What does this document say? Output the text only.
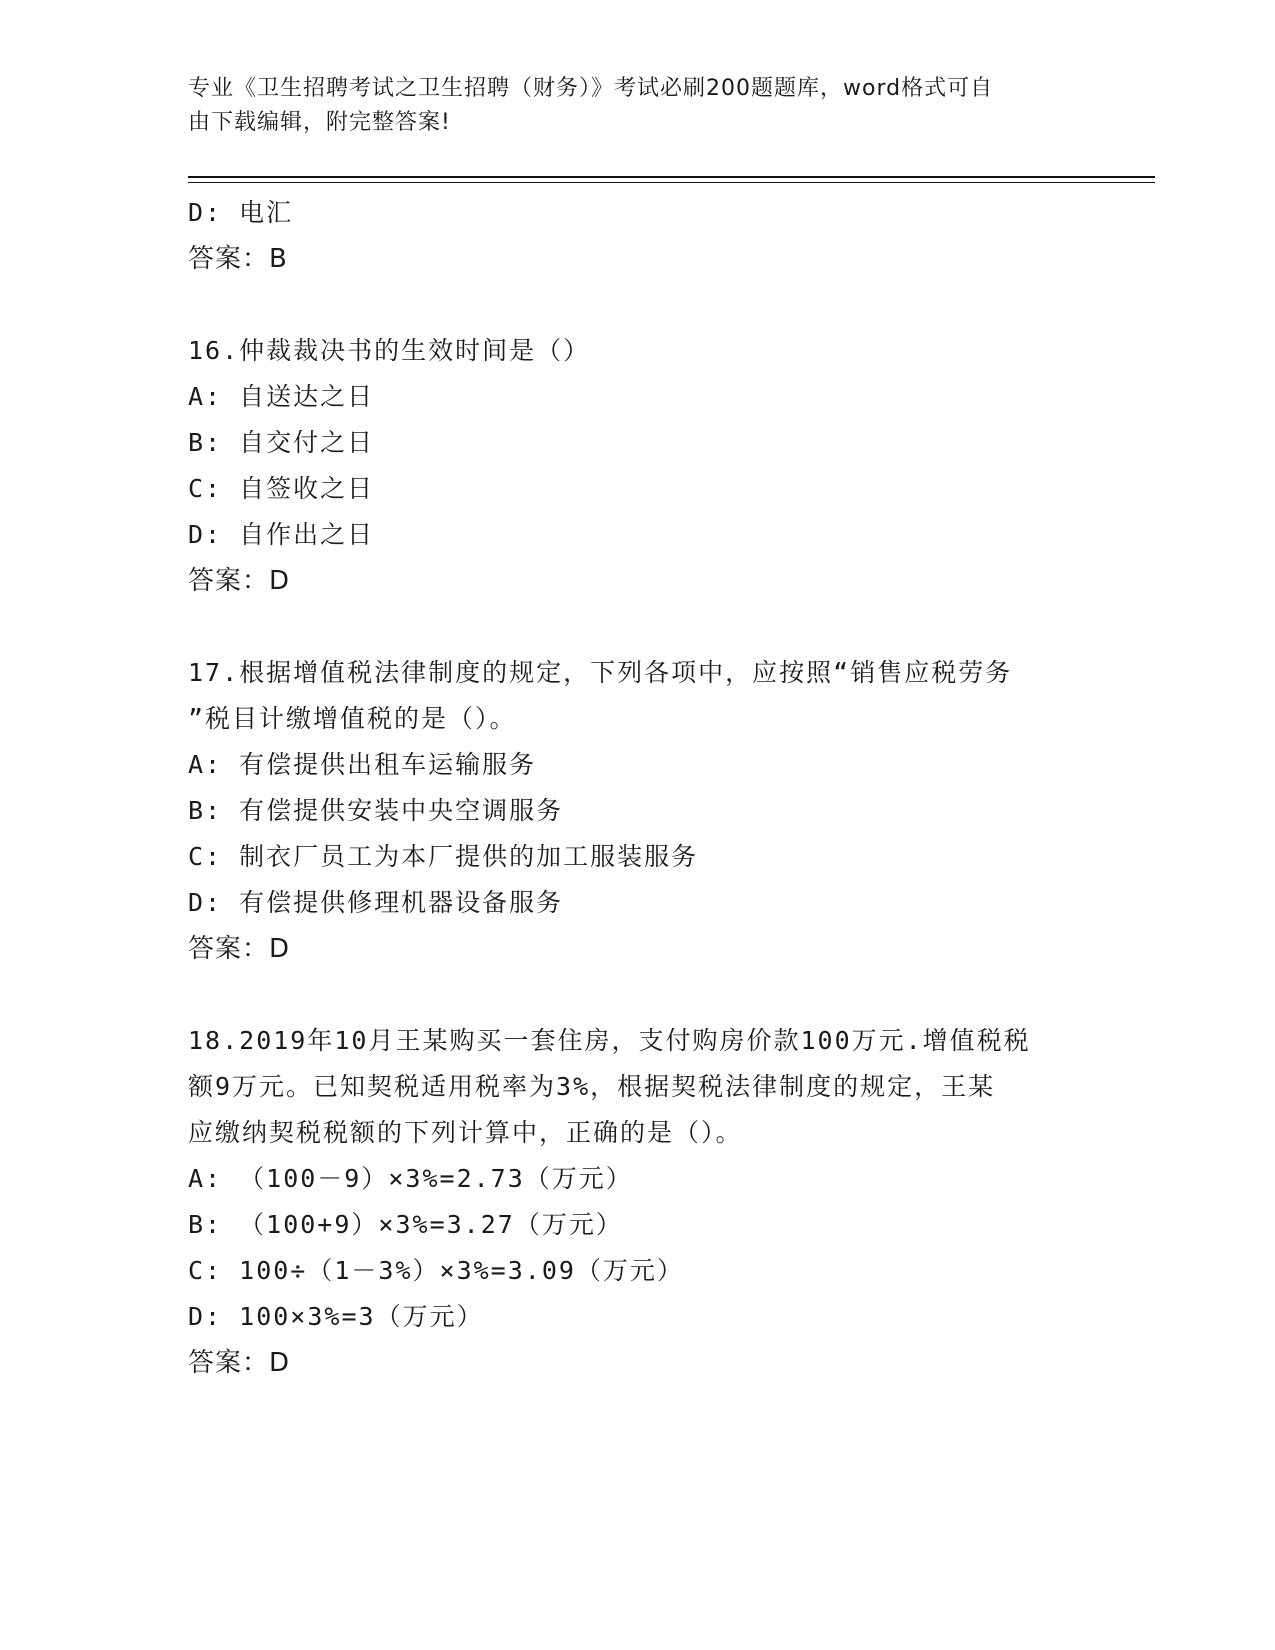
专业《卫生招聘考试之卫生招聘（财务）》考试必刷200题题库，word格式可自
由下载编辑，附完整答案!
D: 电汇
答案：B
16.仲裁裁决书的生效时间是（）
A: 自送达之日
B: 自交付之日
C: 自签收之日
D: 自作出之日
答案：D
17.根据增值税法律制度的规定，下列各项中，应按照“销售应税劳务
”税目计缴增值税的是（）。
A: 有偿提供出租车运输服务
B: 有偿提供安装中央空调服务
C: 制衣厂员工为本厂提供的加工服装服务
D: 有偿提供修理机器设备服务
答案：D
18.2019年10月王某购买一套住房，支付购房价款100万元.增值税税
额9万元。已知契税适用税率为3%，根据契税法律制度的规定，王某
应缴纳契税税额的下列计算中，正确的是（）。
A: （100－9）×3%=2.73（万元）
B: （100+9）×3%=3.27（万元）
C: 100÷（1－3%）×3%=3.09（万元）
D: 100×3%=3（万元）
答案：D
